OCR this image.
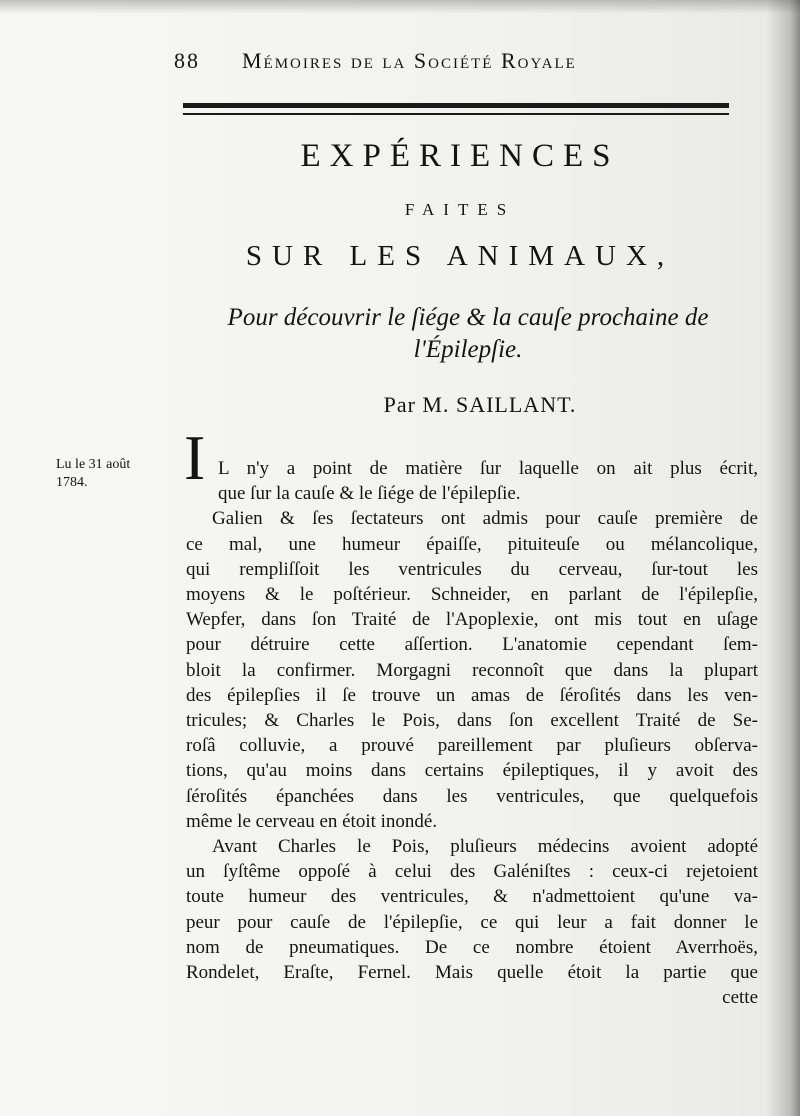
88 Mémoires de la Société Royale
EXPÉRIENCES
FAITES
SUR LES ANIMAUX,
Pour découvrir le ſiége & la cauſe prochaine de
l'Épilepſie.
Par M. SAILLANT.
Lu le 31 août
1784.	I L n'y a point de matière ſur laquelle on ait plus écrit,
que ſur la cauſe & le ſiége de l'épilepſie.
Galien & ſes ſectateurs ont admis pour cauſe première de
ce mal, une humeur épaiſſe, pituiteuſe ou mélancolique,
qui rempliſſoit les ventricules du cerveau, ſur-tout les
moyens & le poſtérieur. Schneider, en parlant de l'épilepſie,
Wepfer, dans ſon Traité de l'Apoplexie, ont mis tout en uſage
pour détruire cette aſſertion. L'anatomie cependant ſem-
bloit la confirmer. Morgagni reconnoît que dans la plupart
des épilepſies il ſe trouve un amas de ſéroſités dans les ven-
tricules; & Charles le Pois, dans ſon excellent Traité de Se-
roſâ colluvie, a prouvé pareillement par pluſieurs obſerva-
tions, qu'au moins dans certains épileptiques, il y avoit des
ſéroſités épanchées dans les ventricules, que quelquefois
même le cerveau en étoit inondé.
Avant Charles le Pois, pluſieurs médecins avoient adopté
un ſyſtême oppoſé à celui des Galéniſtes : ceux-ci rejetoient
toute humeur des ventricules, & n'admettoient qu'une va-
peur pour cauſe de l'épilepſie, ce qui leur a fait donner le
nom de pneumatiques. De ce nombre étoient Averrhoës,
Rondelet, Eraſte, Fernel. Mais quelle étoit la partie que
cette
